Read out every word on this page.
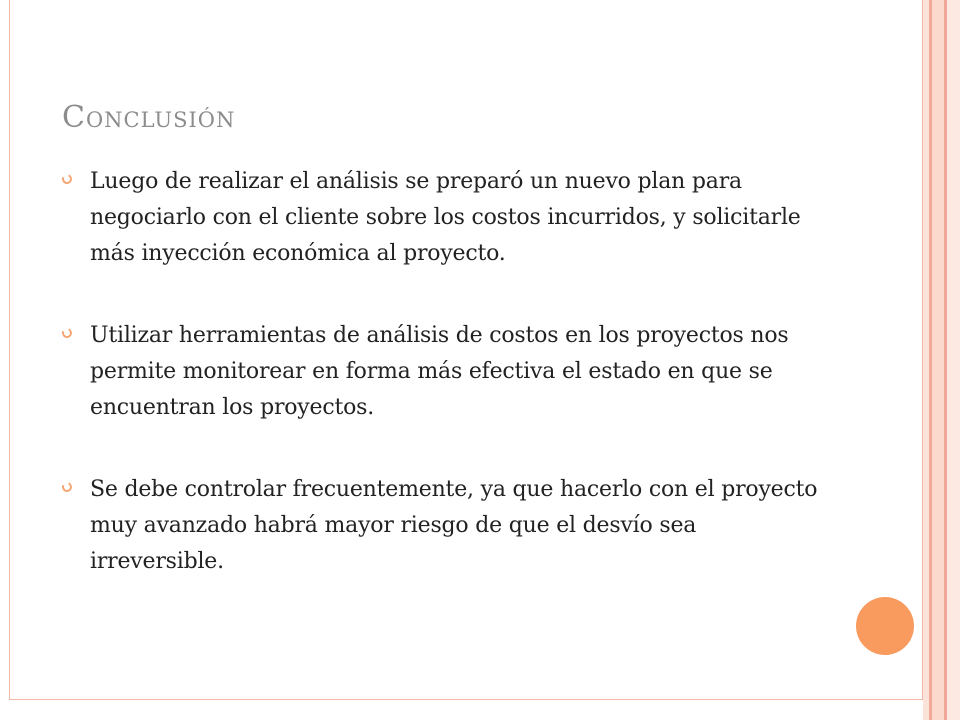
Conclusión
Luego de realizar el análisis se preparó un nuevo plan para negociarlo con el cliente sobre los costos incurridos, y solicitarle más inyección económica al proyecto.
Utilizar herramientas de análisis de costos en los proyectos nos permite monitorear en forma más efectiva el estado en que se encuentran los proyectos.
Se debe controlar frecuentemente, ya que hacerlo con el proyecto muy avanzado habrá mayor riesgo de que el desvío sea irreversible.
